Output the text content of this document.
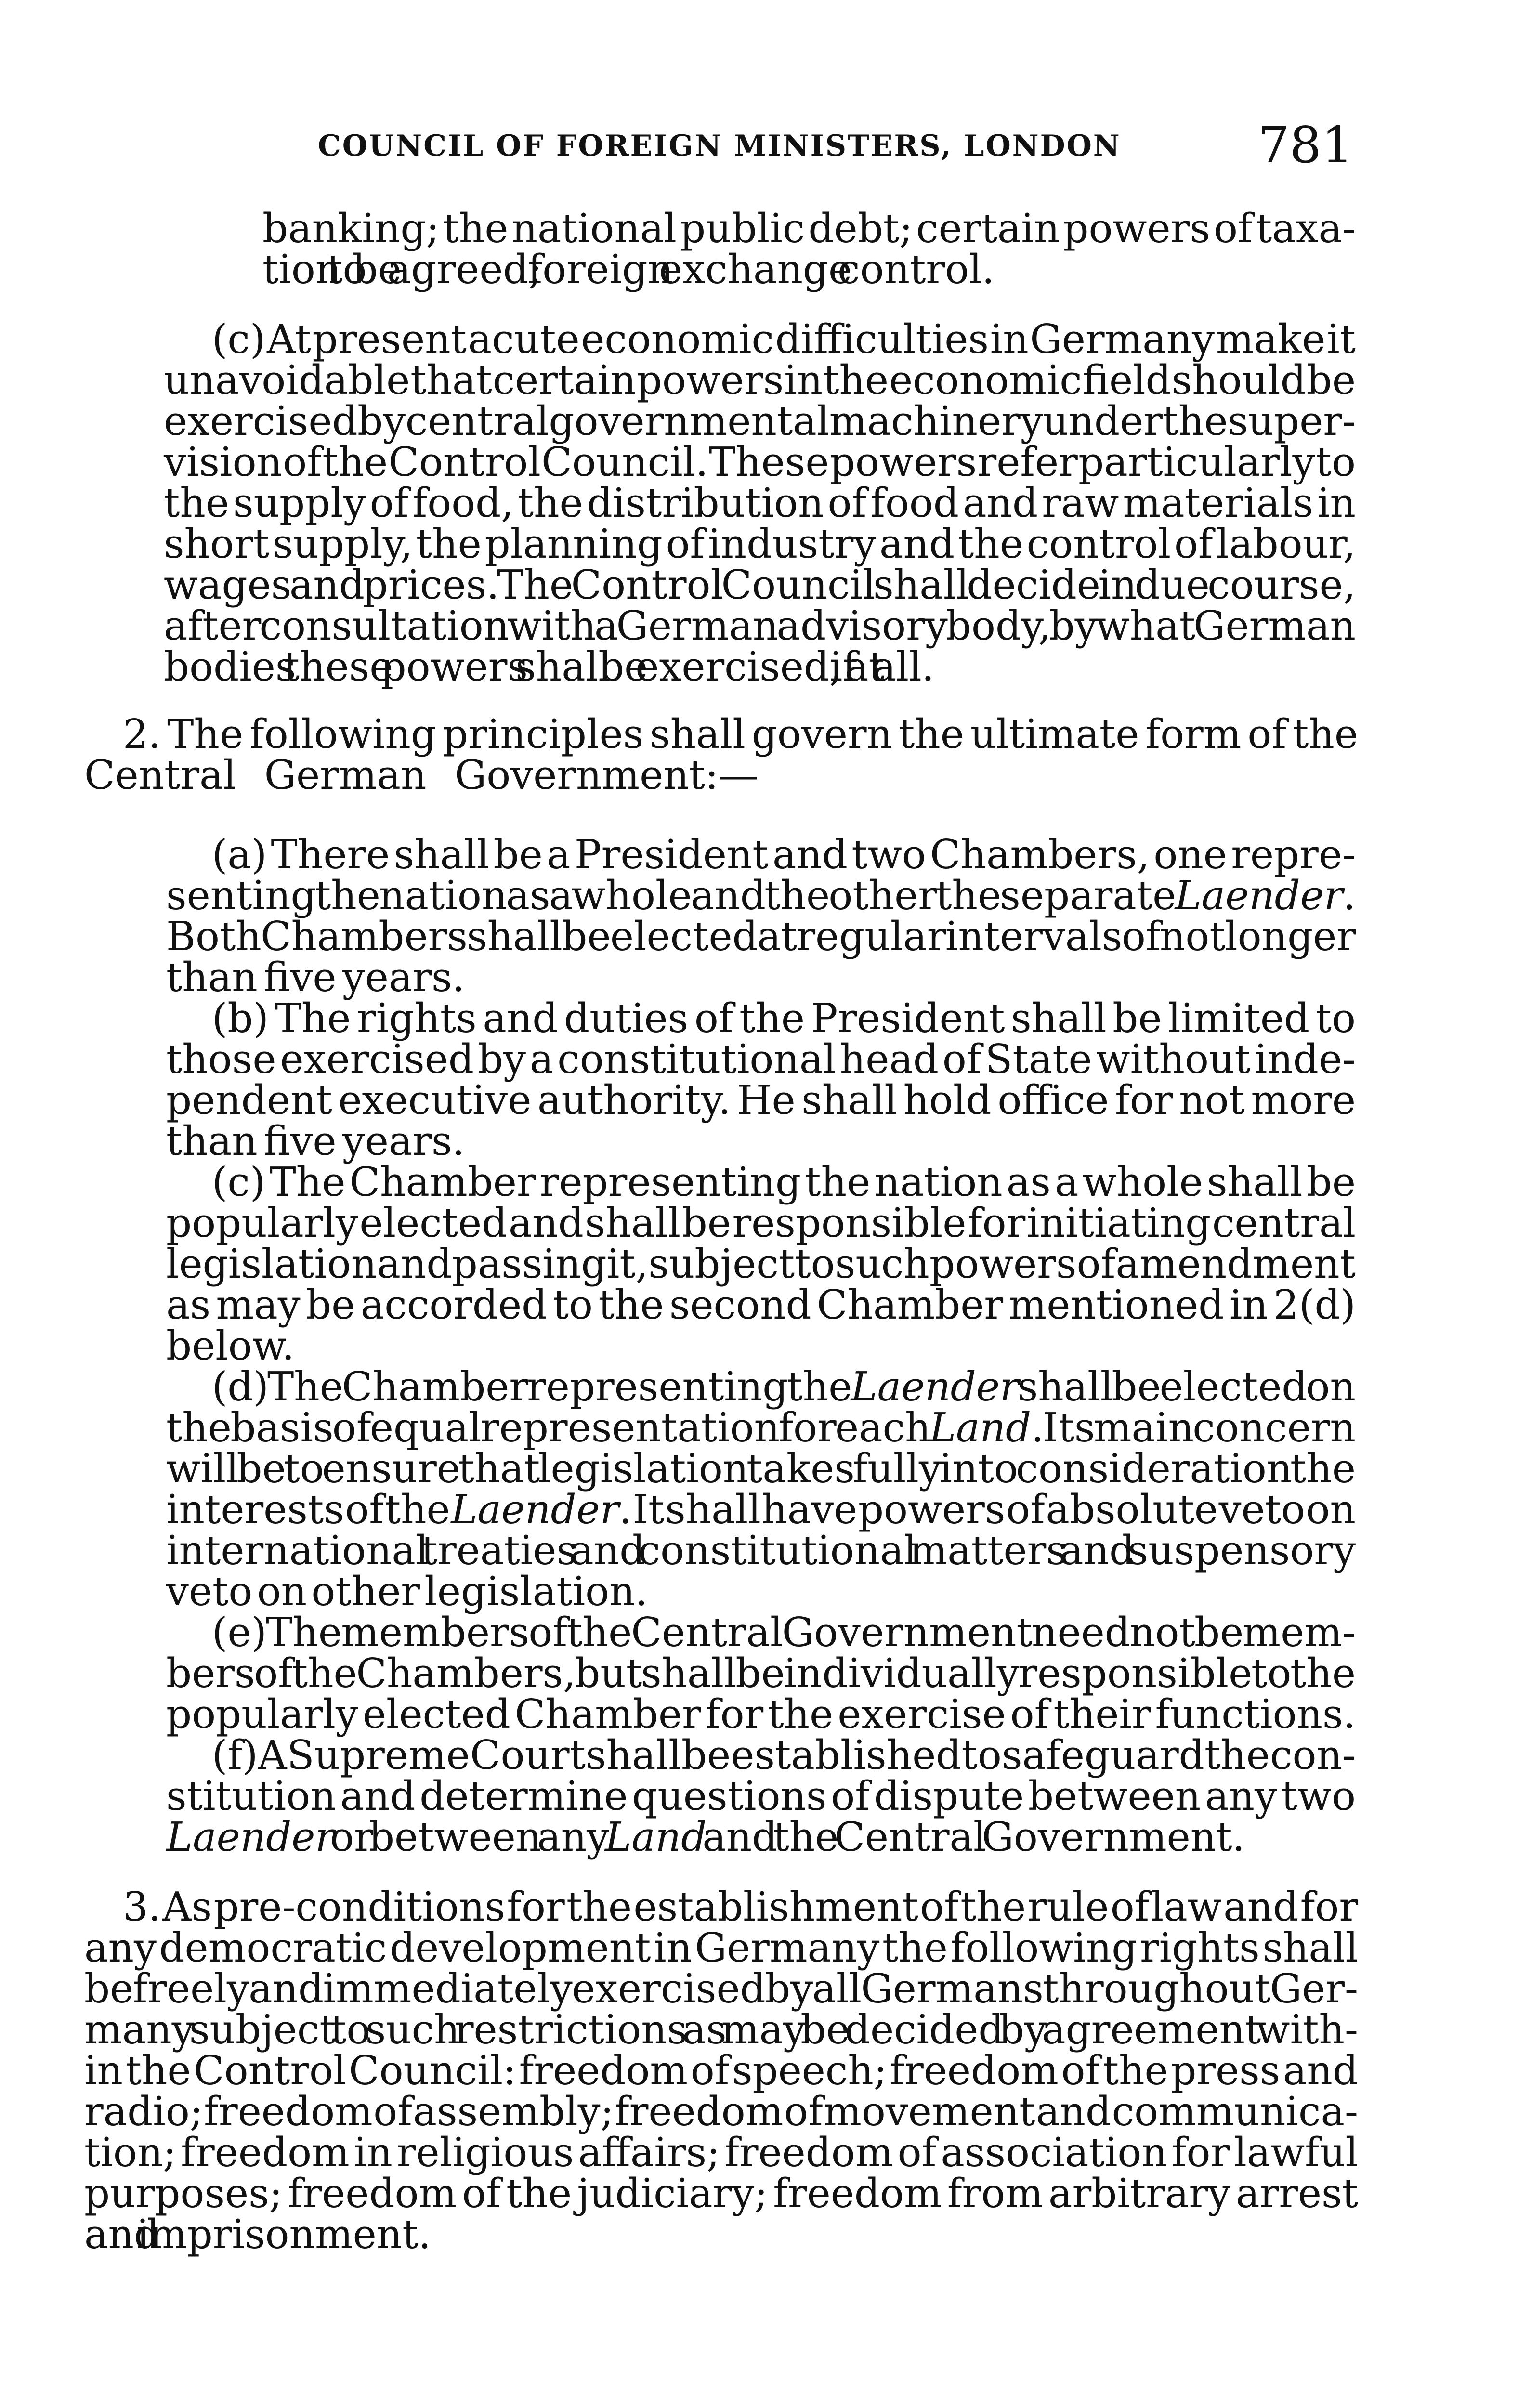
COUNCIL OF FOREIGN MINISTERS, LONDON	781
banking; the national public debt; certain powers of taxa-
tion to be agreed; foreign exchange control.
(c) At present acute economic difficulties in Germany make it
unavoidable that certain powers in the economic field should be
exercised by central governmental machinery under the super-
vision of the Control Council. These powers refer particularly to
the supply of food, the distribution of food and raw materials in
short supply, the planning of industry and the control of labour,
wages and prices. The Control Council shall decide in due course,
after consultation with a German advisory body, by what German
bodies these powers shall be exercised, if at all.
2. The following principles shall govern the ultimate form of the
Central German Government:—
(a) There shall be a President and two Chambers, one repre-
senting the nation as a whole and the other the separate Laender.
Both Chambers shall be elected at regular intervals of not longer
than five years.
(b) The rights and duties of the President shall be limited to
those exercised by a constitutional head of State without inde-
pendent executive authority. He shall hold office for not more
than five years.
(c) The Chamber representing the nation as a whole shall be
popularly elected and shall be responsible for initiating central
legislation and passing it, subject to such powers of amendment
as may be accorded to the second Chamber mentioned in 2(d)
below.
(d) The Chamber representing the Laender shall be elected on
the basis of equal representation for each Land. Its main concern
will be to ensure that legislation takes fully into consideration the
interests of the Laender. It shall have powers of absolute veto on
international treaties and constitutional matters and suspensory
veto on other legislation.
(e) The members of the Central Government need not be mem-
bers of the Chambers, but shall be individually responsible to the
popularly elected Chamber for the exercise of their functions.
(f) A Supreme Court shall be established to safeguard the con-
stitution and determine questions of dispute between any two
Laender or between any Land and the Central Government.
3. As pre-conditions for the establishment of the rule of law and for
any democratic development in Germany the following rights shall
be freely and immediately exercised by all Germans throughout Ger-
many subject to such restrictions as may be decided by agreement with-
in the Control Council: freedom of speech; freedom of the press and
radio; freedom of assembly; freedom of movement and communica-
tion; freedom in religious affairs; freedom of association for lawful
purposes; freedom of the judiciary; freedom from arbitrary arrest
and imprisonment.
